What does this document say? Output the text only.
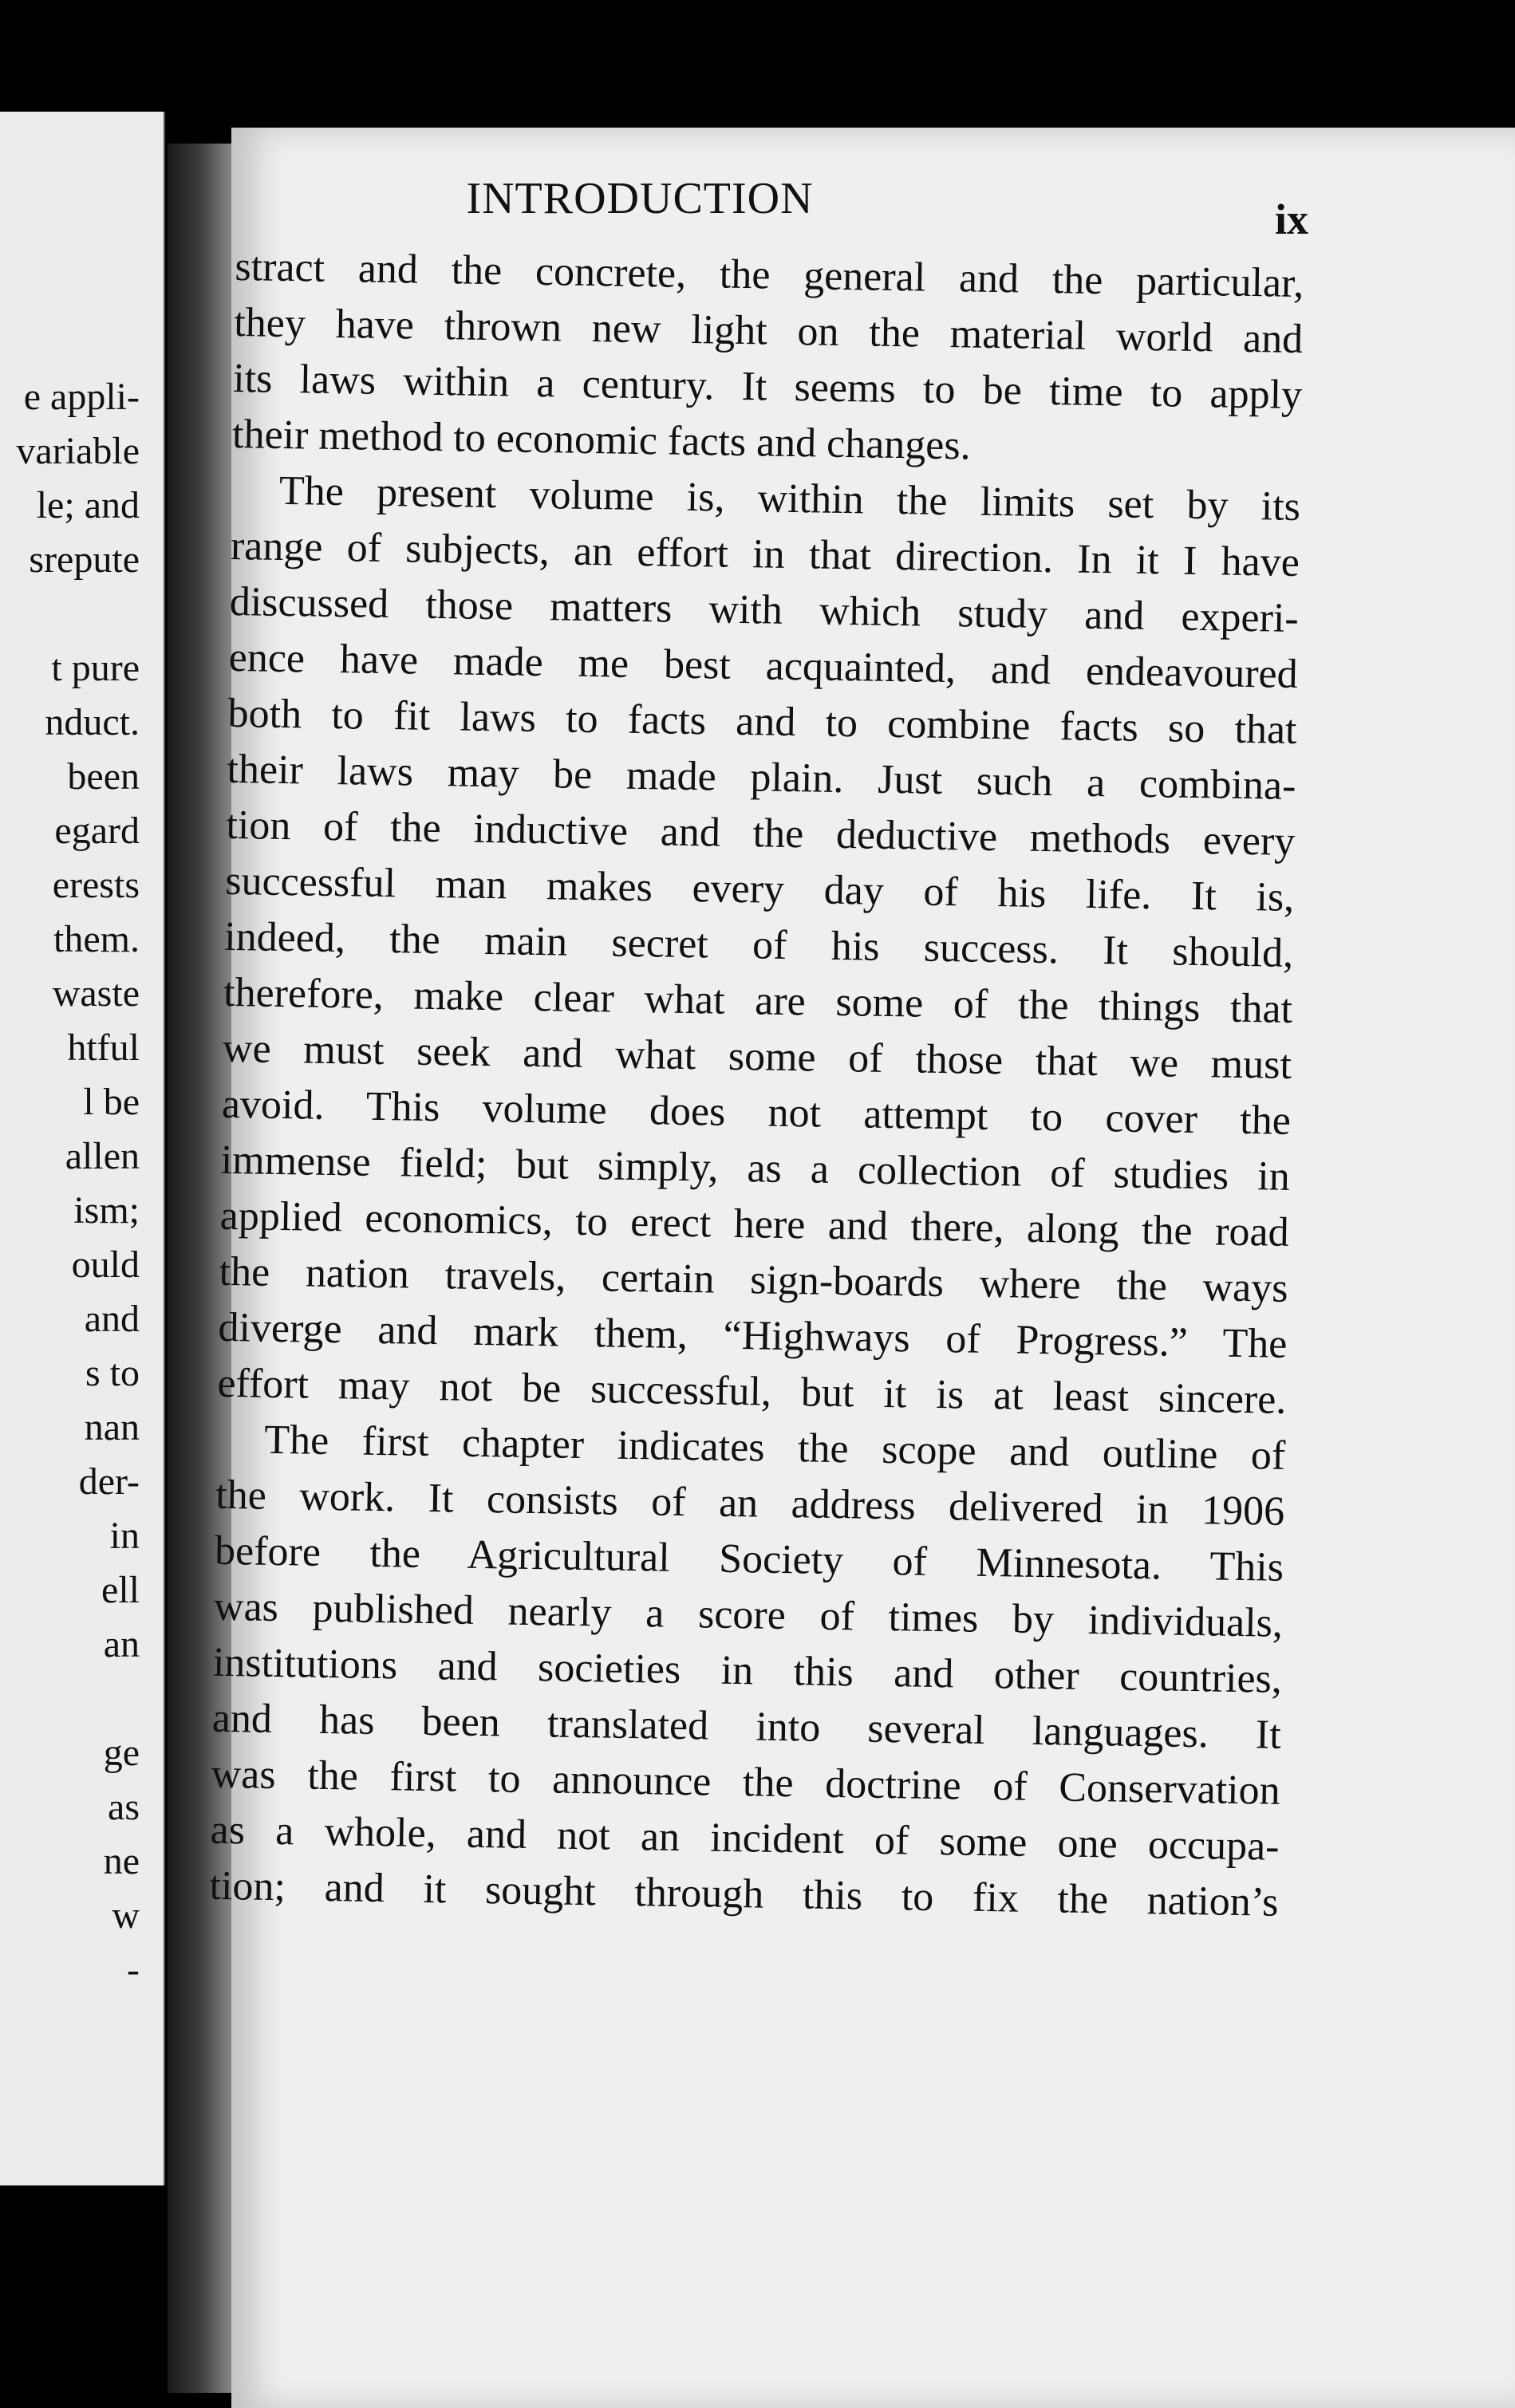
e appli-
variable
le; and
srepute
t pure
nduct.
been
egard
erests
them.
waste
htful
l be
allen
ism;
ould
and
s to
nan
der-
in
ell
an
ge
as
ne
w
-
INTRODUCTION	ix
stract and the concrete, the general and the particular,
they have thrown new light on the material world and
its laws within a century. It seems to be time to apply
their method to economic facts and changes.
The present volume is, within the limits set by its
range of subjects, an effort in that direction. In it I have
discussed those matters with which study and experi-
ence have made me best acquainted, and endeavoured
both to fit laws to facts and to combine facts so that
their laws may be made plain. Just such a combina-
tion of the inductive and the deductive methods every
successful man makes every day of his life. It is,
indeed, the main secret of his success. It should,
therefore, make clear what are some of the things that
we must seek and what some of those that we must
avoid. This volume does not attempt to cover the
immense field; but simply, as a collection of studies in
applied economics, to erect here and there, along the road
the nation travels, certain sign-boards where the ways
diverge and mark them, “Highways of Progress.” The
effort may not be successful, but it is at least sincere.
The first chapter indicates the scope and outline of
the work. It consists of an address delivered in 1906
before the Agricultural Society of Minnesota. This
was published nearly a score of times by individuals,
institutions and societies in this and other countries,
and has been translated into several languages. It
was the first to announce the doctrine of Conservation
as a whole, and not an incident of some one occupa-
tion; and it sought through this to fix the nation’s
